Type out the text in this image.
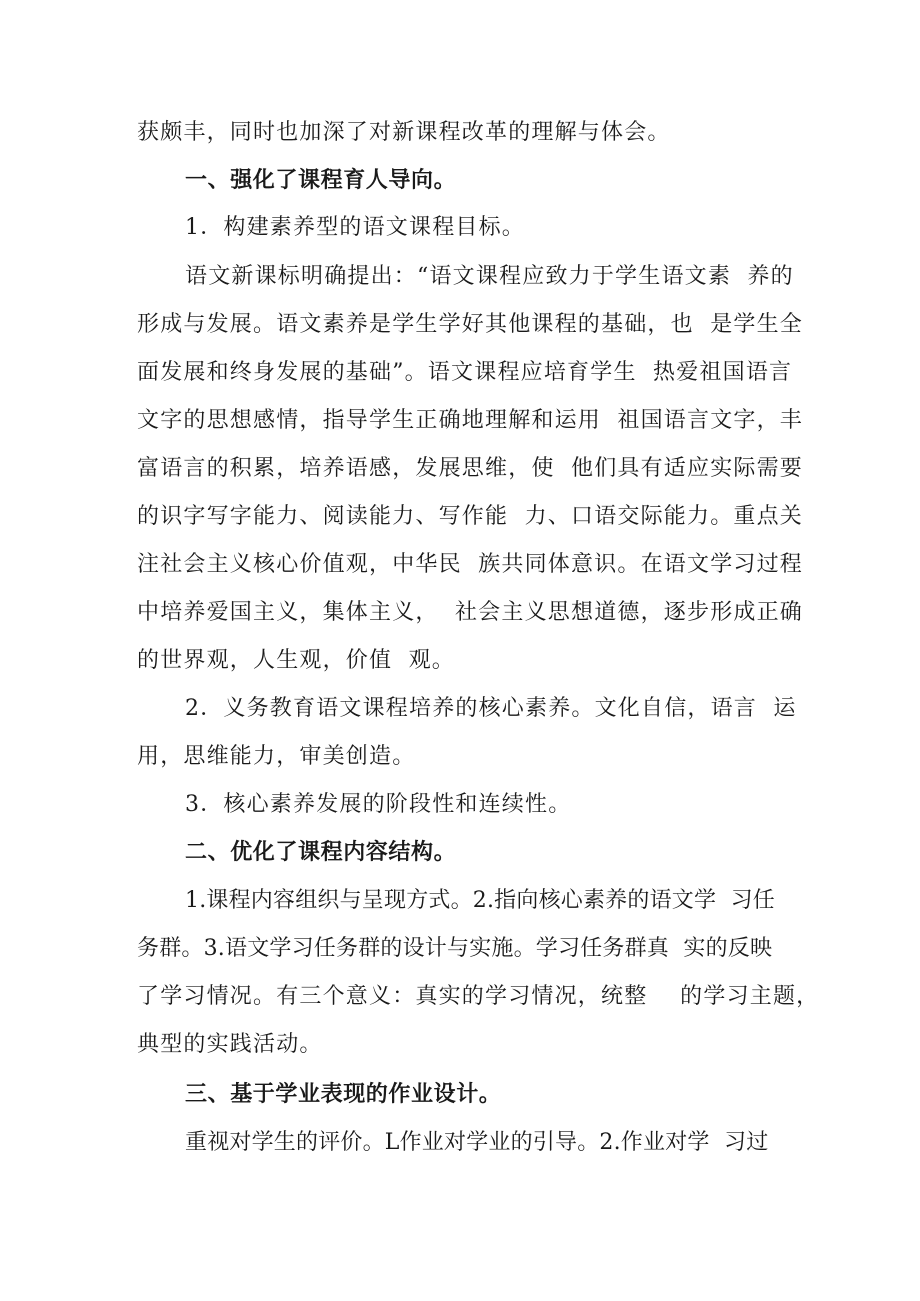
获颇丰，同时也加深了对新课程改革的理解与体会。

一、强化了课程育人导向。

1．构建素养型的语文课程目标。

语文新课标明确提出：“语文课程应致力于学生语文素  养的

形成与发展。语文素养是学生学好其他课程的基础，也  是学生全

面发展和终身发展的基础”。语文课程应培育学生  热爱祖国语言

文字的思想感情，指导学生正确地理解和运用  祖国语言文字，丰

富语言的积累，培养语感，发展思维，使  他们具有适应实际需要

的识字写字能力、阅读能力、写作能  力、口语交际能力。重点关

注社会主义核心价值观，中华民  族共同体意识。在语文学习过程

中培养爱国主义，集体主义，  社会主义思想道德，逐步形成正确

的世界观，人生观，价值  观。

2．义务教育语文课程培养的核心素养。文化自信，语言  运

用，思维能力，审美创造。

3．核心素养发展的阶段性和连续性。

二、优化了课程内容结构。

1.课程内容组织与呈现方式。2.指向核心素养的语文学  习任

务群。3.语文学习任务群的设计与实施。学习任务群真  实的反映

了学习情况。有三个意义：真实的学习情况，统整    的学习主题，

典型的实践活动。

三、基于学业表现的作业设计。

重视对学生的评价。L作业对学业的引导。2.作业对学  习过
